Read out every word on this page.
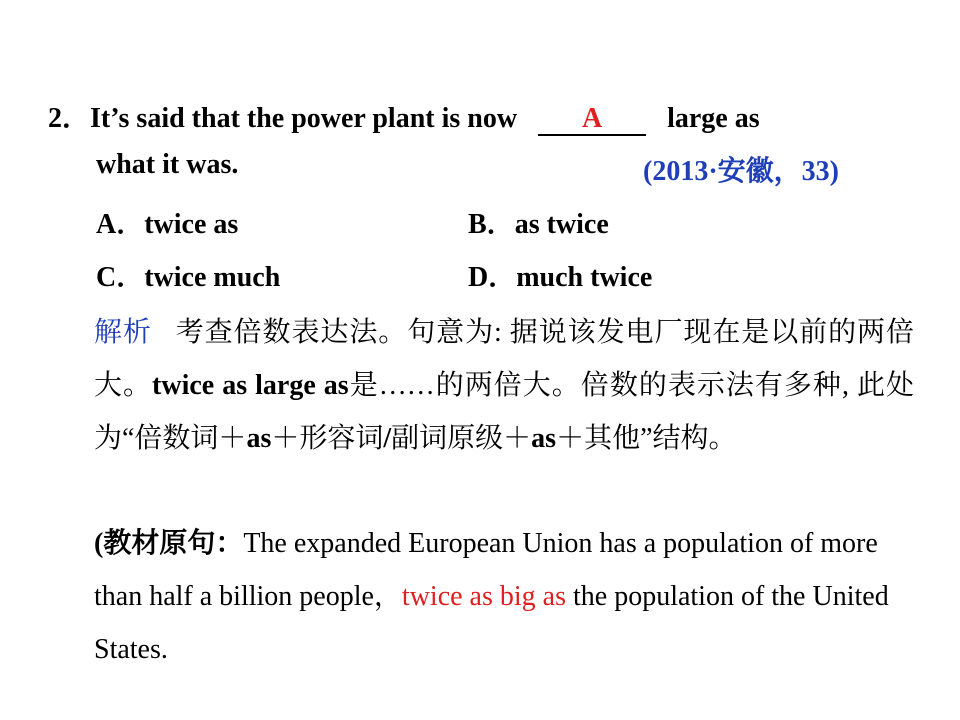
2．It’s said that the power plant is now A large as
what it was.	(2013·安徽，33)
A．twice as	B．as twice
C．twice much	D．much twice
解析 考查倍数表达法。句意为: 据说该发电厂现在是以前的两倍大。twice as large as是……的两倍大。倍数的表示法有多种, 此处为“倍数词＋as＋形容词/副词原级＋as＋其他”结构。
(教材原句：The expanded European Union has a population of more than half a billion people，twice as big as the population of the United States.
